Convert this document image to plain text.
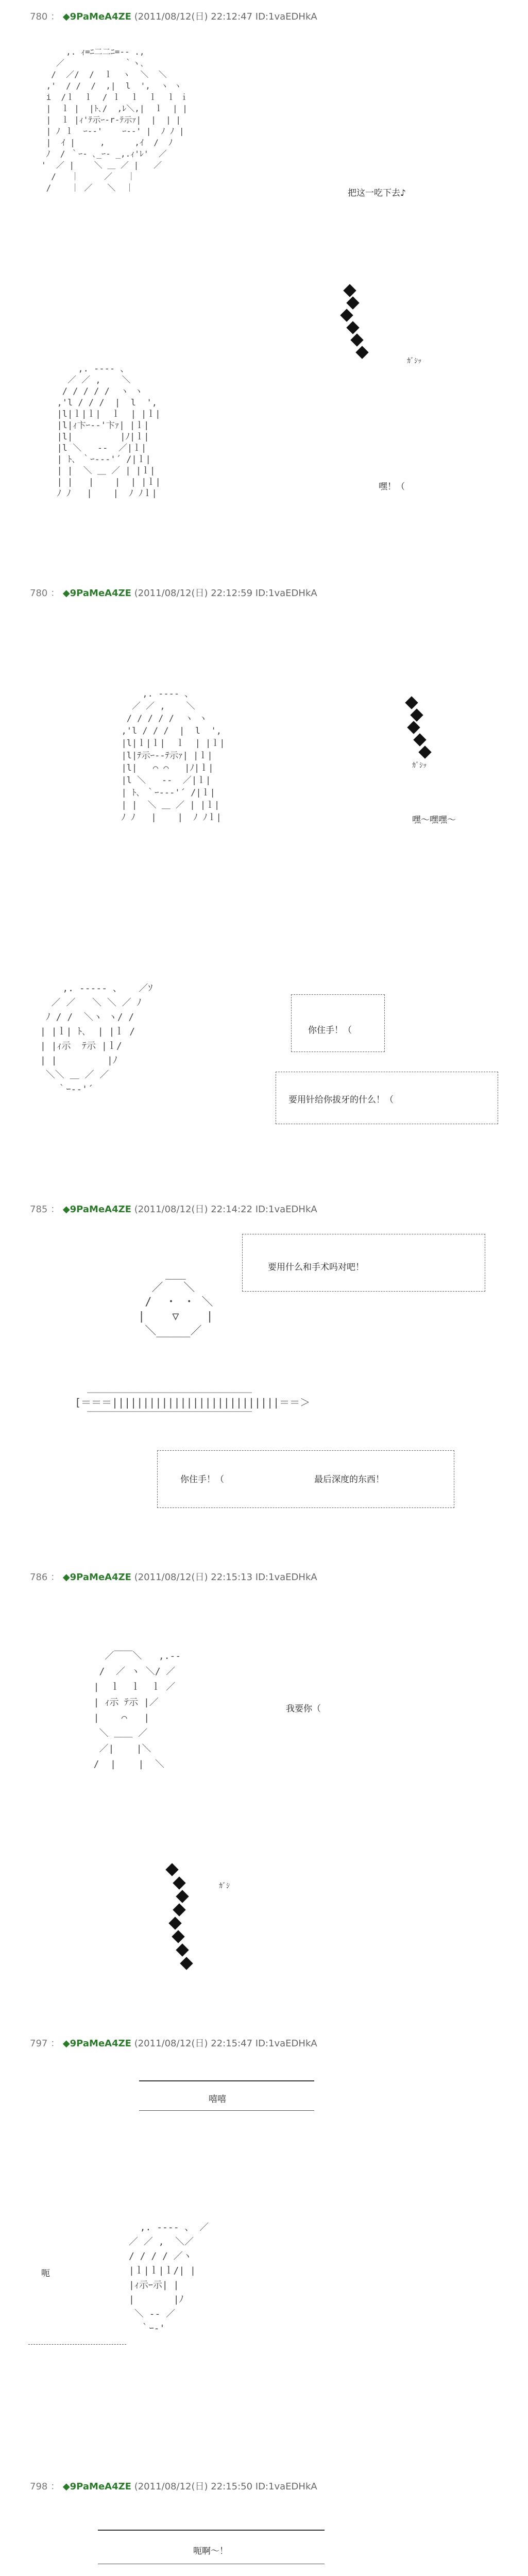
780 ： ◆9PaMeA4ZE (2011/08/12(日) 22:12:47 ID:1vaEDHkA
,. ｨ=ﾆ二二ﾆ=‐- .,
／            ｀ヽ､
/  ／/  /  ｌ  ヽ  ＼  ＼
,'  / /  /  ,|  l  ',  ヽ ヽ
i  /ｌ  ｌ  / ｌ  ｌ  ｌ  ｌ ｉ
|  ｌ |  |ﾄ､/  ,ﾚ＼,|  ｌ  | |
|  ｌ |ｨ'ﾃ示ｰ-r-ﾃ示ｧ|  |  | |
| ﾉ ｌ  ｰ-‐'    ｰ-‐' |  ﾉ ﾉ |
|  ｲ |     ,      ,ｲ  /  ﾉ
ﾉ  / ｀ｰ- ､_ｰ- _,.ｨ'ﾚ'  ／
'  ／ |    ＼ ＿ ／ |   ／
/   ｜     ／   ｜
/    ｜ ／   ＼  ｜
把这一吃下去♪
,. -‐‐- 、
／ ／ ,    ＼
/ / / / /  ヽ ヽ
,'l / / /  |  l  ',
|l|ｌ|ｌ|  ｌ  | |ｌ|
|l|ｨ卞ｰ-‐'卞ｧ| |ｌ|
|l|         |ﾉ|ｌ|
|l ＼   ‐‐  ／|ｌ|
| ﾄ､ ｀ｰ--‐'´ /|ｌ|
| |  ＼ ＿ ／ | |ｌ|
| |   |    |  | |ｌ|
ﾉ ﾉ   |    |  ﾉ ﾉｌ|
ｶﾞｼｯ
嘿！（
780 ： ◆9PaMeA4ZE (2011/08/12(日) 22:12:59 ID:1vaEDHkA
,. -‐‐- 、
／ ／ ,    ＼
/ / / / /  ヽ ヽ
,'l / / /  |  l  ',
|l|ｌ|ｌ|  ｌ  | |ｌ|
|l|ﾃ示ｰ-‐ﾃ示ｧ| |ｌ|
|l|   ⌒ ⌒   |ﾉ|ｌ|
|l ＼   ‐‐  ／|ｌ|
| ﾄ､ ｀ｰ--‐'´ /|ｌ|
| |  ＼ ＿ ／ | |ｌ|
ﾉ ﾉ   |    |  ﾉ ﾉｌ|
ｶﾞｼｯ
嘿～嘿嘿～
,. -‐‐‐- 、   ／ｿ
／ ／   ＼ ＼ ／ ﾉ
ﾉ / /  ＼ヽ ヽ/ /
| |ｌ| ﾄ､  | |ｌ /
| |ｨ示  ﾃ示 |ｌ/
| |         |ﾉ
＼＼ ＿ ／ ／
｀ｰ-‐'´
你住手！（
要用针给你拔牙的什么！（
785 ： ◆9PaMeA4ZE (2011/08/12(日) 22:14:22 ID:1vaEDHkA
___
／   ＼
/  ・ ・ ＼
|    ▽    |
＼_____／
要用什么和手术吗对吧！
＿＿＿＿＿＿＿＿＿＿＿＿＿＿＿＿
[＝＝＝|||||||||||||||||||||||||||＝＝＞
￣￣￣￣￣￣￣￣￣￣￣￣￣￣￣￣
你住手！（	最后深度的东西！
786 ： ◆9PaMeA4ZE (2011/08/12(日) 22:15:13 ID:1vaEDHkA
／￣￣＼   ,.-‐
/  ／ ヽ ＼/ ／
|  ｌ  ｌ  ｌ ／
| ｨ示 ﾃ示 |／
|    ⌒   |
＼ ＿＿ ／
／|    |＼
/  |    |  ＼
我要你（
ｶﾞｼ
797 ： ◆9PaMeA4ZE (2011/08/12(日) 22:15:47 ID:1vaEDHkA
嘻嘻
呃
,. -‐‐- 、 ／
／ ／ ,  ＼／
/ / / / ／ヽ
|ｌ|ｌ|ｌ/| |
|ｨ示ｰ示| |
|       |ﾉ
＼ ‐‐ ／
｀ｰ‐'
798 ： ◆9PaMeA4ZE (2011/08/12(日) 22:15:50 ID:1vaEDHkA
呃啊～！
